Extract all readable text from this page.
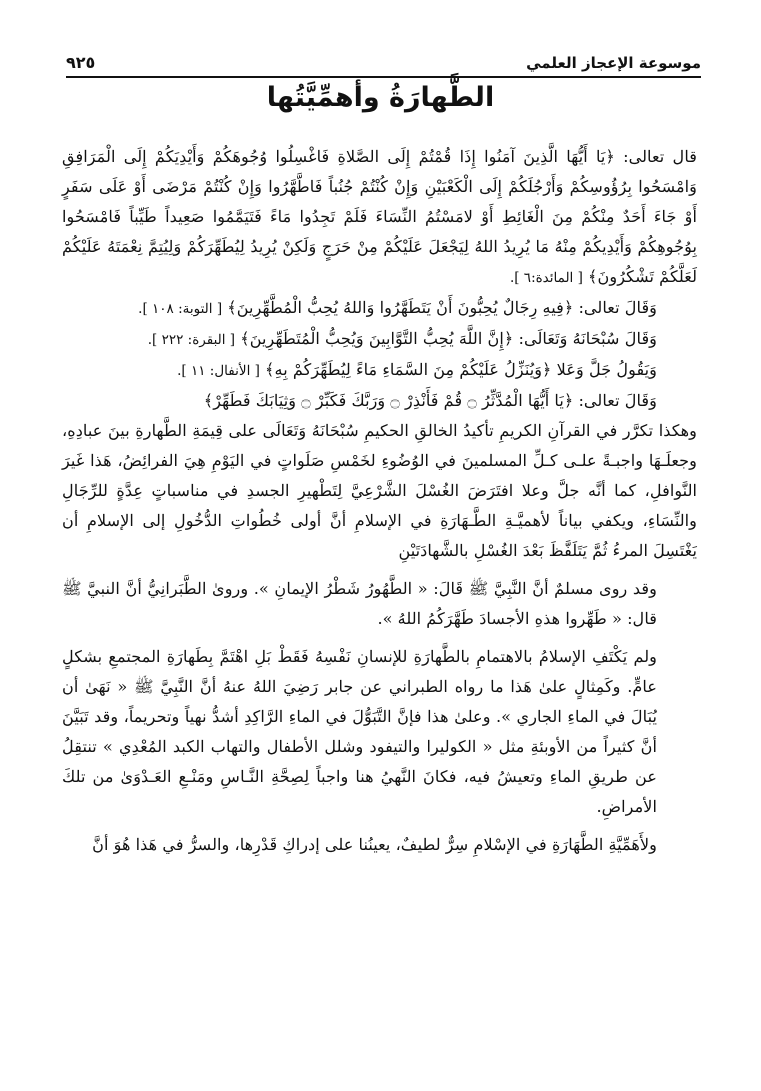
موسوعة الإعجاز العلمي
٩٢٥
الطَّهارَةُ وأهمِّيَّتُها

قال تعالى: ﴿يَا أَيُّهَا الَّذِينَ آمَنُوا إِذَا قُمْتُمْ إِلَى الصَّلاةِ فَاغْسِلُوا وُجُوهَكُمْ وَأَيْدِيَكُمْ إِلَى الْمَرَافِقِ وَامْسَحُوا بِرُؤُوسِكُمْ وَأَرْجُلَكُمْ إِلَى الْكَعْبَيْنِ وَإِنْ كُنْتُمْ جُنُباً فَاطَّهَّرُوا وَإِنْ كُنْتُمْ مَرْضَى أَوْ عَلَى سَفَرٍ أَوْ جَاءَ أَحَدٌ مِنْكُمْ مِنَ الْغَائِطِ أَوْ لامَسْتُمُ النِّسَاءَ فَلَمْ تَجِدُوا مَاءً فَتَيَمَّمُوا صَعِيداً طَيِّباً فَامْسَحُوا بِوُجُوهِكُمْ وَأَيْدِيكُمْ مِنْهُ مَا يُرِيدُ اللهُ لِيَجْعَلَ عَلَيْكُمْ مِنْ حَرَجٍ وَلَكِنْ يُرِيدُ لِيُطَهِّرَكُمْ وَلِيُتِمَّ نِعْمَتَهُ عَلَيْكُمْ لَعَلَّكُمْ تَشْكُرُونَ﴾ [ المائدة:٦ ].

وَقَالَ تعالى: ﴿فِيهِ رِجَالٌ يُحِبُّونَ أَنْ يَتَطَهَّرُوا وَاللهُ يُحِبُّ الْمُطَّهِّرِينَ﴾ [ التوبة: ١٠٨ ].

وَقَالَ سُبْحَانَهُ وَتَعَالَى: ﴿إِنَّ اللَّهَ يُحِبُّ التَّوَّابِينَ وَيُحِبُّ الْمُتَطَهِّرِينَ﴾ [ البقرة: ٢٢٢ ].

وَيَقُولُ جَلَّ وَعَلا ﴿وَيُنَزِّلُ عَلَيْكُمْ مِنَ السَّمَاءِ مَاءً لِيُطَهِّرَكُمْ بِهِ﴾ [ الأنفال: ١١ ].

وَقَالَ تعالى: ﴿يَا أَيُّهَا الْمُدَّثِّرُ ۝ قُمْ فَأَنْذِرْ ۝ وَرَبَّكَ فَكَبِّرْ ۝ وَثِيَابَكَ فَطَهِّرْ﴾

وهكذا تكرَّر في القرآنِ الكريمِ تأكيدُ الخالقِ الحكيمِ سُبْحَانَهُ وَتَعَالَى على قِيمَةِ الطَّهارةِ بينَ عبادِهِ، وجعلَـهَا واجبـةً علـى كـلِّ المسلمينَ في الوُضُوءِ لخَمْسِ صَلَواتٍ في اليَوْمِ هِيَ الفرائِضُ، هَذا غَيرَ النَّوافلِ، كما أنَّه جلَّ وعلا افتَرَضَ الغُسْلَ الشَّرْعِيَّ لِتَطْهيرِ الجسدِ في مناسباتٍ عِدَّةٍ للرِّجَالِ والنِّسَاءِ، ويكفي بياناً لأهميَّـةِ الطَّـهَارَةِ في الإسلامِ أنَّ أولى خُطُواتِ الدُّخُولِ إلى الإسلامِ أن يَغْتَسِلَ المرءُ ثُمَّ يَتَلَفَّظَ بَعْدَ الغُسْلِ بالشَّهادَتَيْنِ

وقد روى مسلمٌ أنَّ النَّبِيَّ ﷺ قَالَ: « الطَّهُورُ شَطْرُ الإيمانِ ». وروىٰ الطَّبَرانِيُّ أنَّ النبيَّ ﷺ قال: « طَهِّروا هذهِ الأجسادَ طَهَّرَكُمُ اللهُ ».

ولم يَكْتَفِ الإسلامُ بالاهتمامِ بالطَّهارَةِ للإنسانِ نَفْسِهُ فَقَطْ بَلِ اهْتَمَّ بِطَهارَةِ المجتمعِ بشكلٍ عامٍّ. وكَمِثالٍ علىٰ هَذا ما رواه الطبراني عن جابر رَضِيَ اللهُ عنهُ أنَّ النَّبِيَّ ﷺ « نَهَىٰ أن يُبَالَ في الماءِ الجاري ». وعلىٰ هذا فإنَّ التَّبَوُّلَ في الماءِ الرَّاكِدِ أشدُّ نهياً وتحريماً، وقد تَبَيَّنَ أنَّ كثيراً من الأوبئةِ مثل « الكوليرا والتيفود وشلل الأطفال والتهاب الكبد المُعْدِي » تنتقِلُ عن طريقِ الماءِ وتعيشُ فيه، فكانَ النَّهيُ هنا واجباً لِصِحَّةِ النَّـاسِ ومَنْـعِ العَـدْوَىٰ من تلكَ الأمراضِ.

ولأَهَمِّيَّةِ الطَّهَارَةِ في الإسْلامِ سِرٌّ لطيفٌ، يعينُنا على إدراكِ قَدْرِها، والسرُّ في هَذا هُوَ أنَّ
